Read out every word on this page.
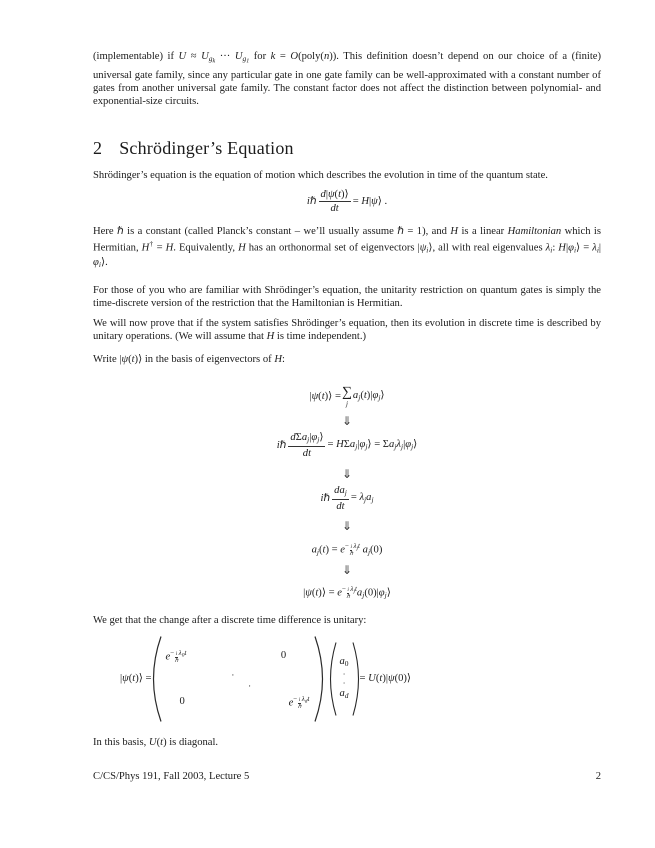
(implementable) if $U \approx Ug_k$ ··· $Ug_1$ for k = O(poly(n)). This definition doesn’t depend on our choice of a (finite) universal gate family, since any particular gate in one gate family can be well-approximated with a constant number of gates from another universal gate family. The constant factor does not affect the distinction between polynomial- and exponential-size circuits.

2 Schrödinger’s Equation

Shrödinger’s equation is the equation of motion which describes the evolution in time of the quantum state.

iℏ $\frac{d|\psi(t)⟩}{dt}$ = H|ψ⟩ .

Here ℏ is a constant (called Planck’s constant – we’ll usually assume ℏ = 1), and H is a linear Hamiltonian which is Hermitian, H† = H. Equivalently, H has an orthonormal set of eigenvectors |ψi⟩, all with real eigenvalues λi: H|φi⟩ = λi|φi⟩.

For those of you who are familiar with Shrödinger’s equation, the unitarity restriction on quantum gates is simply the time-discrete version of the restriction that the Hamiltonian is Hermitian.

We will now prove that if the system satisfies Shrödinger’s equation, then its evolution in discrete time is described by unitary operations. (We will assume that H is time independent.)

Write |ψ(t)⟩ in the basis of eigenvectors of H:

|ψ(t)⟩ = ∑
j
aj(t)|φj⟩
⇓
iℏ $\frac{\text{dΣaj|φj⟩}}{dt}$ = HΣaj|φj⟩ = Σajλj|φj⟩
⇓
iℏ $\frac{\text{daj}}{dt} = \lambda jaj$
⇓
aj(t) = e− i
ℏ
$^{\lambda jt}$ aj(0)
⇓
|ψ(t)⟩ = e− i
ℏ
$^{\lambda jt}$aj(0)|φj⟩

We get that the change after a discrete time difference is unitary:

|ψ(t)⟩ =
e− i
ℏ
$^{\lambda 0t}$	0
0	e− i
ℏ
$^{\lambda dt}$
·
·
$a_0$
·
·
ad
= U(t)|ψ(0)⟩

In this basis, U(t) is diagonal.

C/CS/Phys 191, Fall 2003, Lecture 5	2
